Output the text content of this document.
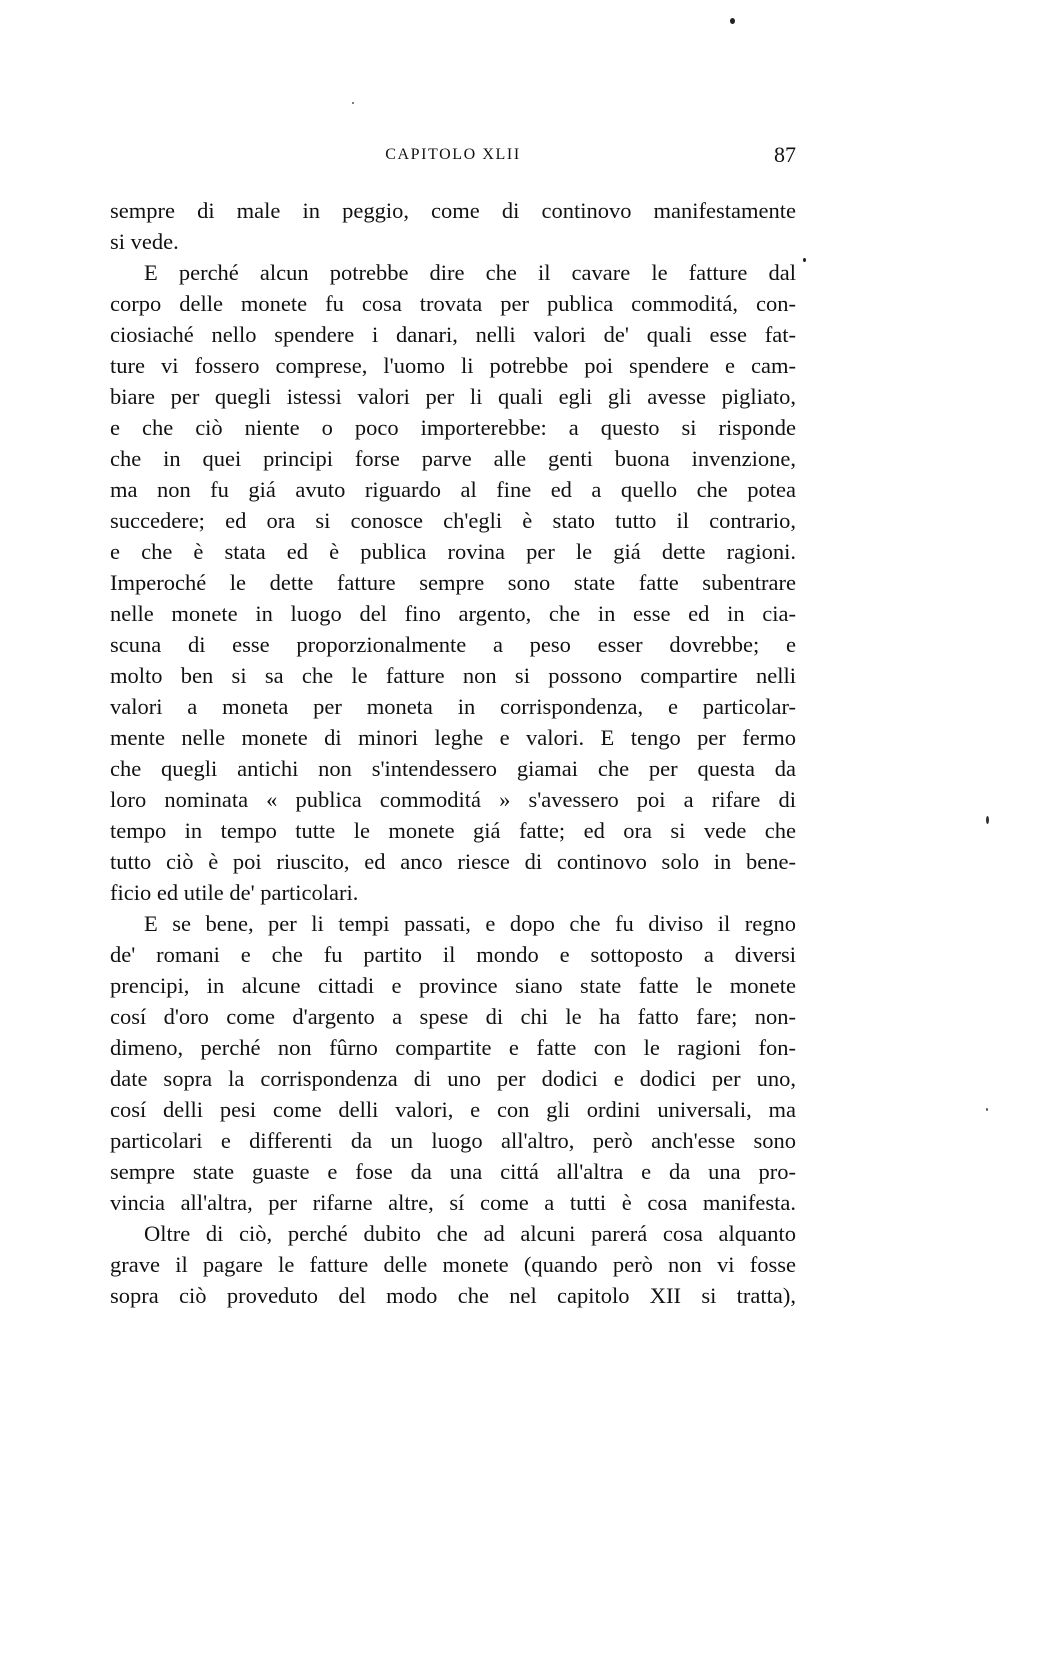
CAPITOLO XLII	87
sempre di male in peggio, come di continovo manifestamente
si vede.
E perché alcun potrebbe dire che il cavare le fatture dal
corpo delle monete fu cosa trovata per publica commoditá, con-
ciosiaché nello spendere i danari, nelli valori de' quali esse fat-
ture vi fossero comprese, l'uomo li potrebbe poi spendere e cam-
biare per quegli istessi valori per li quali egli gli avesse pigliato,
e che ciò niente o poco importerebbe: a questo si risponde
che in quei principi forse parve alle genti buona invenzione,
ma non fu giá avuto riguardo al fine ed a quello che potea
succedere; ed ora si conosce ch'egli è stato tutto il contrario,
e che è stata ed è publica rovina per le giá dette ragioni.
Imperoché le dette fatture sempre sono state fatte subentrare
nelle monete in luogo del fino argento, che in esse ed in cia-
scuna di esse proporzionalmente a peso esser dovrebbe; e
molto ben si sa che le fatture non si possono compartire nelli
valori a moneta per moneta in corrispondenza, e particolar-
mente nelle monete di minori leghe e valori. E tengo per fermo
che quegli antichi non s'intendessero giamai che per questa da
loro nominata « publica commoditá » s'avessero poi a rifare di
tempo in tempo tutte le monete giá fatte; ed ora si vede che
tutto ciò è poi riuscito, ed anco riesce di continovo solo in bene-
ficio ed utile de' particolari.
E se bene, per li tempi passati, e dopo che fu diviso il regno
de' romani e che fu partito il mondo e sottoposto a diversi
prencipi, in alcune cittadi e province siano state fatte le monete
cosí d'oro come d'argento a spese di chi le ha fatto fare; non-
dimeno, perché non fûrno compartite e fatte con le ragioni fon-
date sopra la corrispondenza di uno per dodici e dodici per uno,
cosí delli pesi come delli valori, e con gli ordini universali, ma
particolari e differenti da un luogo all'altro, però anch'esse sono
sempre state guaste e fose da una cittá all'altra e da una pro-
vincia all'altra, per rifarne altre, sí come a tutti è cosa manifesta.
Oltre di ciò, perché dubito che ad alcuni parerá cosa alquanto
grave il pagare le fatture delle monete (quando però non vi fosse
sopra ciò proveduto del modo che nel capitolo XII si tratta),
